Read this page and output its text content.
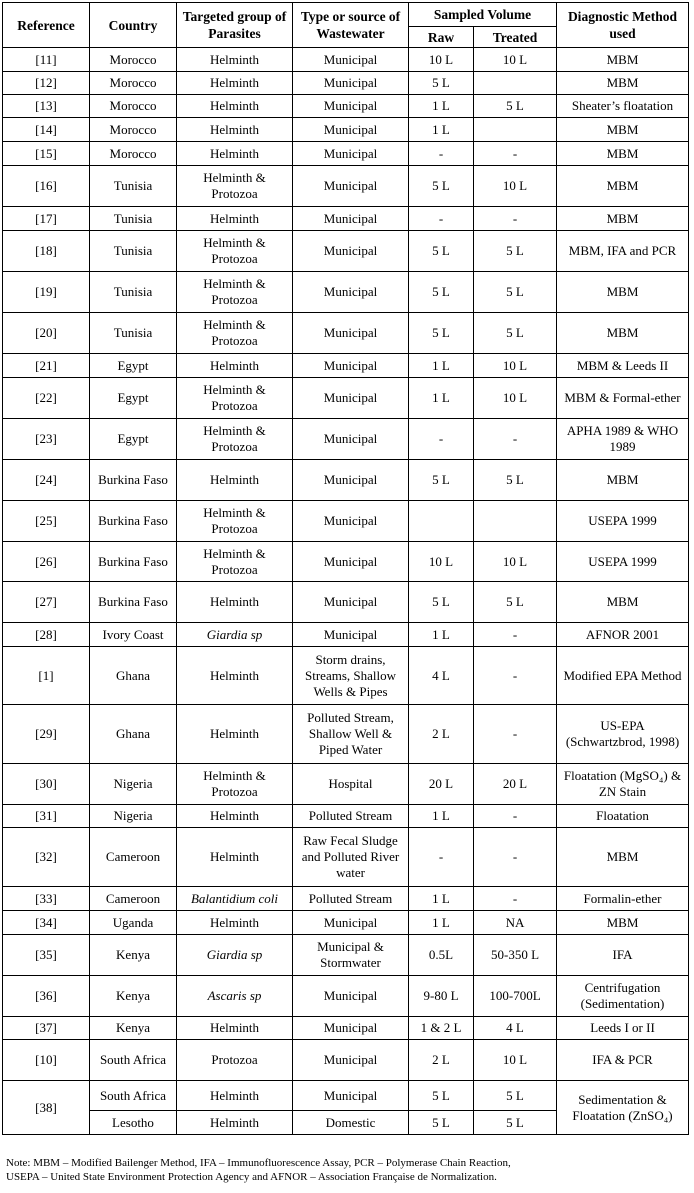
Reference	Country	Targeted group of Parasites	Type or source of Wastewater	Sampled Volume		Diagnostic Method used
				Raw	Treated	
[11]	Morocco	Helminth	Municipal	10 L	10 L	MBM
[12]	Morocco	Helminth	Municipal	5 L		MBM
[13]	Morocco	Helminth	Municipal	1 L	5 L	Sheater’s floatation
[14]	Morocco	Helminth	Municipal	1 L		MBM
[15]	Morocco	Helminth	Municipal	-	-	MBM
[16]	Tunisia	Helminth & Protozoa	Municipal	5 L	10 L	MBM
[17]	Tunisia	Helminth	Municipal	-	-	MBM
[18]	Tunisia	Helminth & Protozoa	Municipal	5 L	5 L	MBM, IFA and PCR
[19]	Tunisia	Helminth & Protozoa	Municipal	5 L	5 L	MBM
[20]	Tunisia	Helminth & Protozoa	Municipal	5 L	5 L	MBM
[21]	Egypt	Helminth	Municipal	1 L	10 L	MBM & Leeds II
[22]	Egypt	Helminth & Protozoa	Municipal	1 L	10 L	MBM & Formal-ether
[23]	Egypt	Helminth & Protozoa	Municipal	-	-	APHA 1989 & WHO 1989
[24]	Burkina Faso	Helminth	Municipal	5 L	5 L	MBM
[25]	Burkina Faso	Helminth & Protozoa	Municipal			USEPA 1999
[26]	Burkina Faso	Helminth & Protozoa	Municipal	10 L	10 L	USEPA 1999
[27]	Burkina Faso	Helminth	Municipal	5 L	5 L	MBM
[28]	Ivory Coast	Giardia sp	Municipal	1 L	-	AFNOR 2001
[1]	Ghana	Helminth	Storm drains, Streams, Shallow Wells & Pipes	4 L	-	Modified EPA Method
[29]	Ghana	Helminth	Polluted Stream, Shallow Well & Piped Water	2 L	-	US-EPA (Schwartzbrod, 1998)
[30]	Nigeria	Helminth & Protozoa	Hospital	20 L	20 L	Floatation (MgSO₄) & ZN Stain
[31]	Nigeria	Helminth	Polluted Stream	1 L	-	Floatation
[32]	Cameroon	Helminth	Raw Fecal Sludge and Polluted River water	-	-	MBM
[33]	Cameroon	Balantidium coli	Polluted Stream	1 L	-	Formalin-ether
[34]	Uganda	Helminth	Municipal	1 L	NA	MBM
[35]	Kenya	Giardia sp	Municipal & Stormwater	0.5L	50-350 L	IFA
[36]	Kenya	Ascaris sp	Municipal	9-80 L	100-700L	Centrifugation (Sedimentation)
[37]	Kenya	Helminth	Municipal	1 & 2 L	4 L	Leeds I or II
[10]	South Africa	Protozoa	Municipal	2 L	10 L	IFA & PCR
[38]	South Africa	Helminth	Municipal	5 L	5 L	Sedimentation & Floatation (ZnSO₄)
	Lesotho	Helminth	Domestic	5 L	5 L	
Note: MBM – Modified Bailenger Method, IFA – Immunofluorescence Assay, PCR – Polymerase Chain Reaction,
USEPA – United State Environment Protection Agency and AFNOR – Association Française de Normalization.
